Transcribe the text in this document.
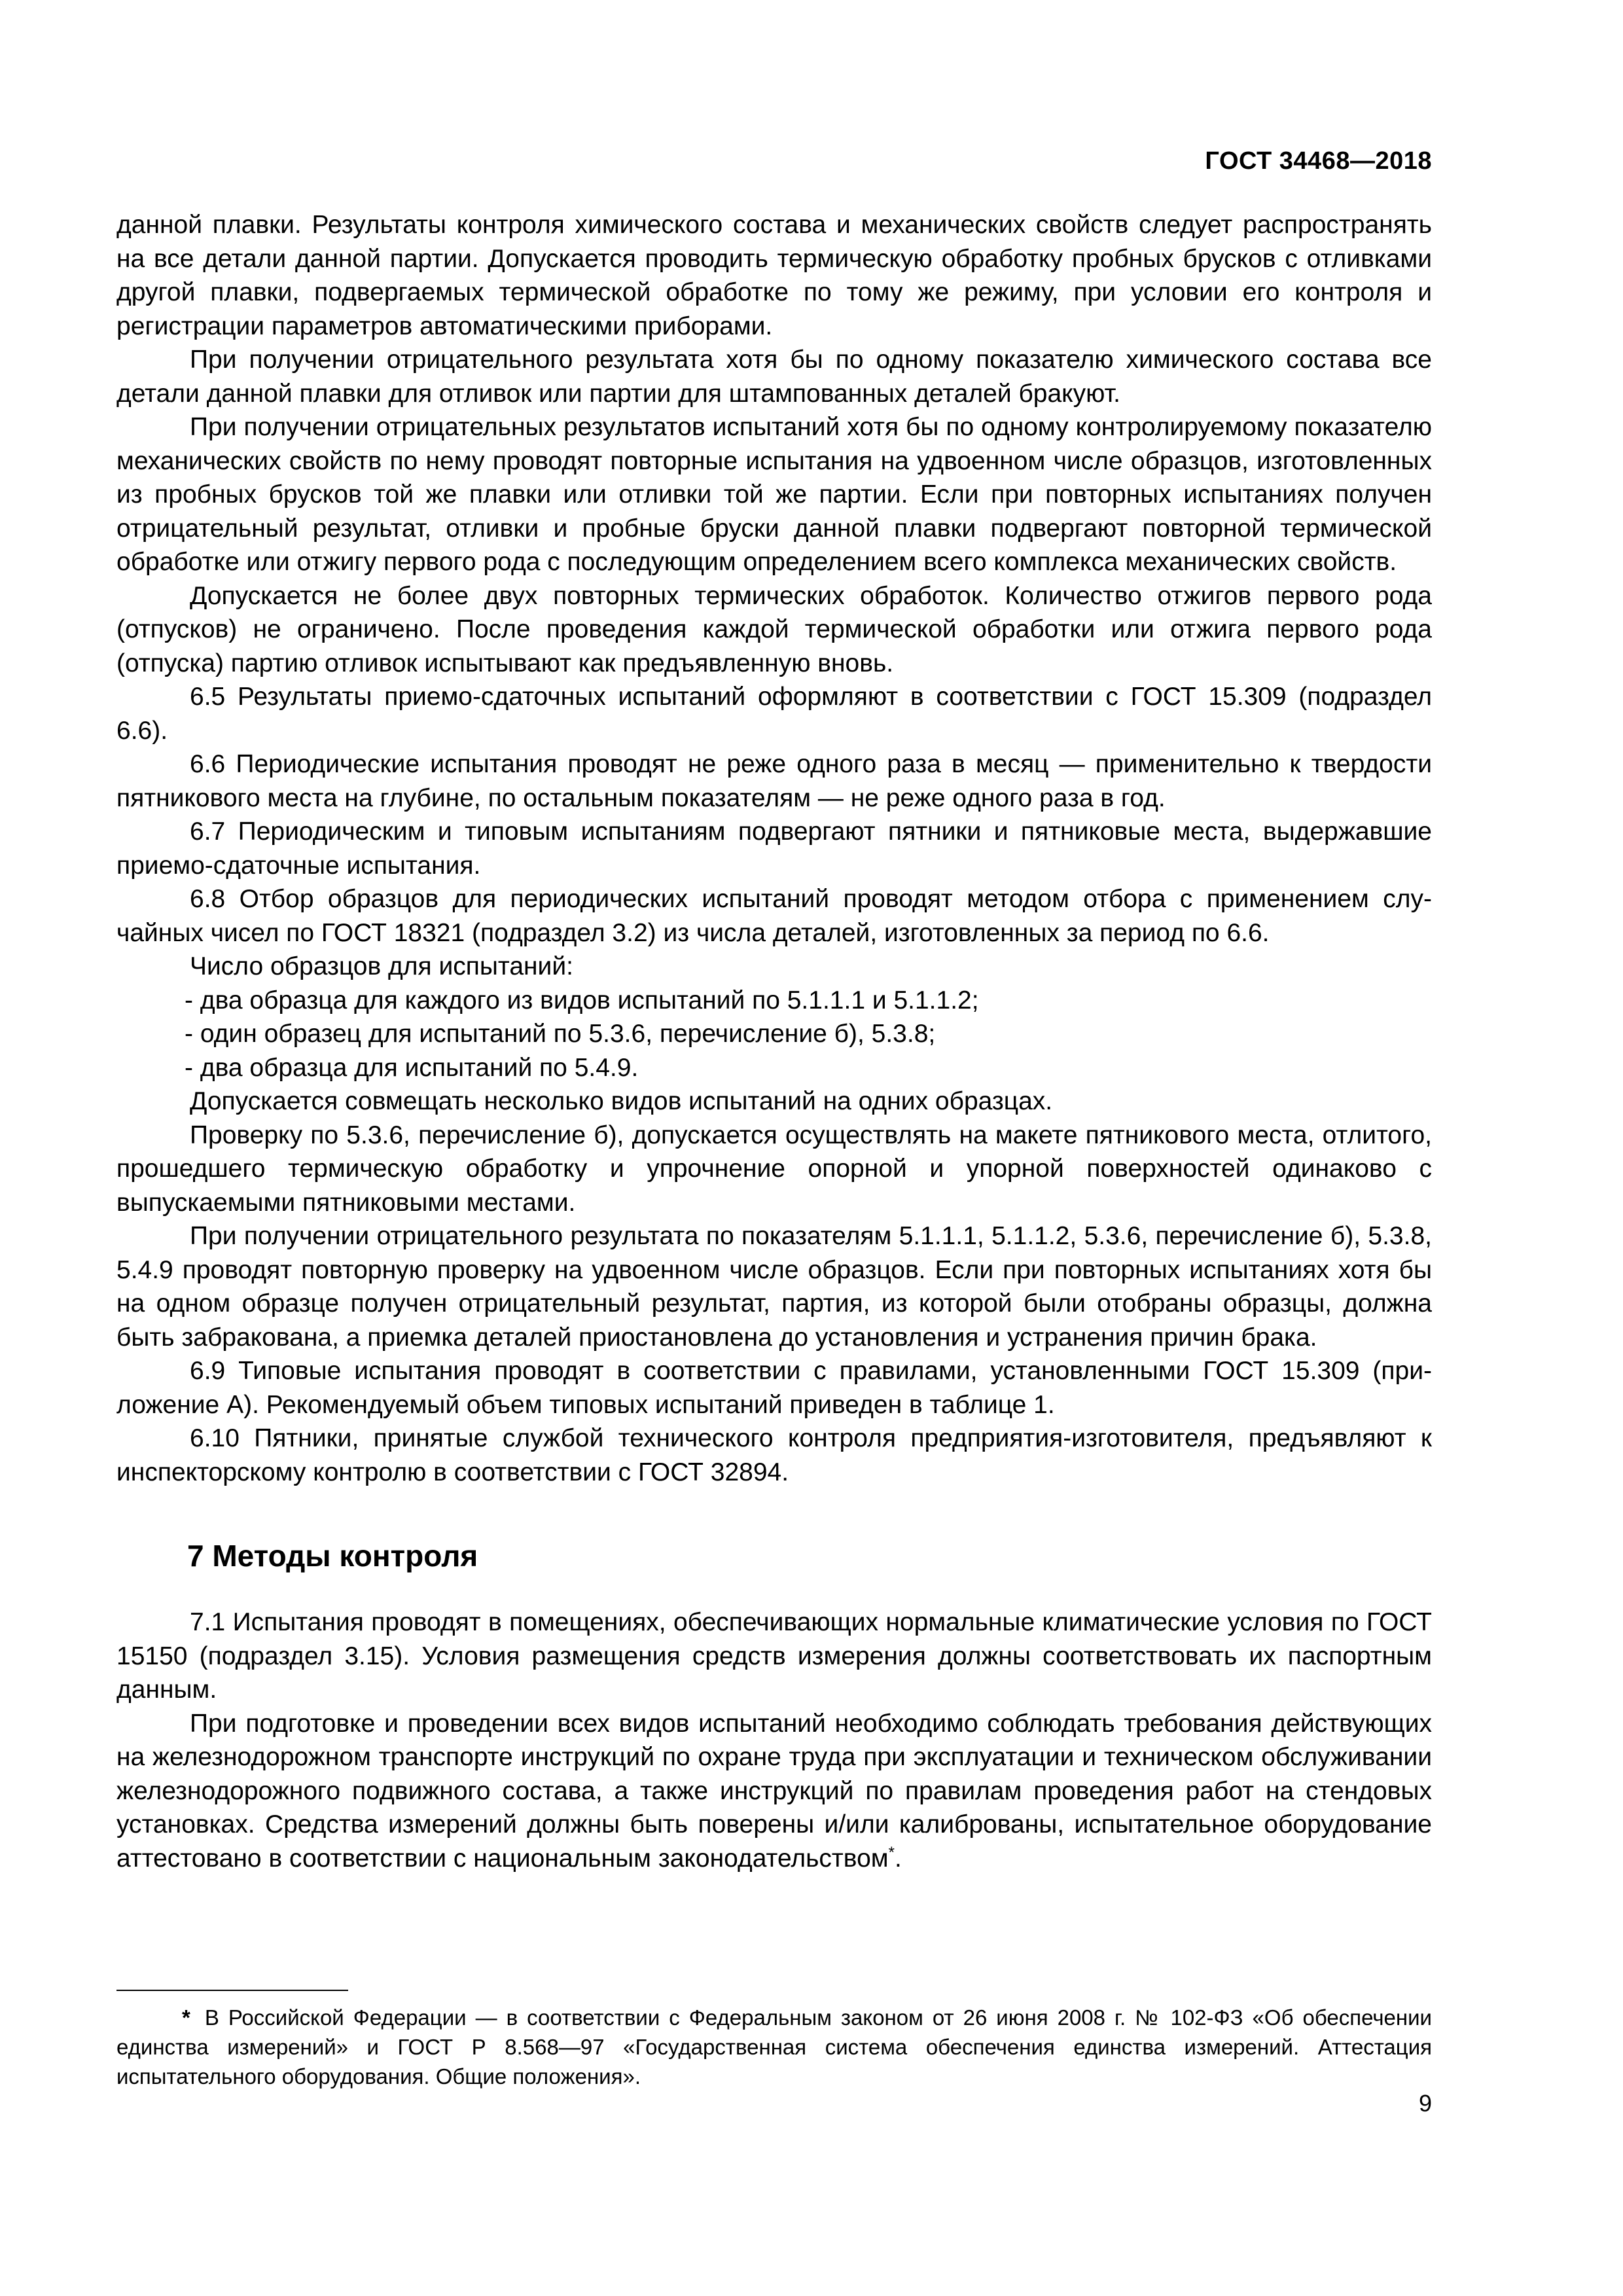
ГОСТ 34468—2018

данной плавки. Результаты контроля химического состава и механических свойств следует распространять на все детали данной партии. Допускается проводить термическую обработку пробных брусков с отливками другой плавки, подвергаемых термической обработке по тому же режиму, при условии его контроля и регистрации параметров автоматическими приборами.

При получении отрицательного результата хотя бы по одному показателю химического состава все детали данной плавки для отливок или партии для штампованных деталей бракуют.

При получении отрицательных результатов испытаний хотя бы по одному контролируемому показателю механических свойств по нему проводят повторные испытания на удвоенном числе образцов, изготовленных из пробных брусков той же плавки или отливки той же партии. Если при повторных испытаниях получен отрицательный результат, отливки и пробные бруски данной плавки подвергают повторной термической обработке или отжигу первого рода с последующим определением всего комплекса механических свойств.

Допускается не более двух повторных термических обработок. Количество отжигов первого рода (отпусков) не ограничено. После проведения каждой термической обработки или отжига первого рода (отпуска) партию отливок испытывают как предъявленную вновь.

6.5 Результаты приемо-сдаточных испытаний оформляют в соответствии с ГОСТ 15.309 (подраздел 6.6).

6.6 Периодические испытания проводят не реже одного раза в месяц — применительно к твердости пятникового места на глубине, по остальным показателям — не реже одного раза в год.

6.7 Периодическим и типовым испытаниям подвергают пятники и пятниковые места, выдержавшие приемо-сдаточные испытания.

6.8 Отбор образцов для периодических испытаний проводят методом отбора с применением случайных чисел по ГОСТ 18321 (подраздел 3.2) из числа деталей, изготовленных за период по 6.6.

Число образцов для испытаний:

- два образца для каждого из видов испытаний по 5.1.1.1 и 5.1.1.2;

- один образец для испытаний по 5.3.6, перечисление б), 5.3.8;

- два образца для испытаний по 5.4.9.

Допускается совмещать несколько видов испытаний на одних образцах.

Проверку по 5.3.6, перечисление б), допускается осуществлять на макете пятникового места, отлитого, прошедшего термическую обработку и упрочнение опорной и упорной поверхностей одинаково с выпускаемыми пятниковыми местами.

При получении отрицательного результата по показателям 5.1.1.1, 5.1.1.2, 5.3.6, перечисление б), 5.3.8, 5.4.9 проводят повторную проверку на удвоенном числе образцов. Если при повторных испытаниях хотя бы на одном образце получен отрицательный результат, партия, из которой были отобраны образцы, должна быть забракована, а приемка деталей приостановлена до установления и устранения причин брака.

6.9 Типовые испытания проводят в соответствии с правилами, установленными ГОСТ 15.309 (приложение А). Рекомендуемый объем типовых испытаний приведен в таблице 1.

6.10 Пятники, принятые службой технического контроля предприятия-изготовителя, предъявляют к инспекторскому контролю в соответствии с ГОСТ 32894.

7 Методы контроля

7.1 Испытания проводят в помещениях, обеспечивающих нормальные климатические условия по ГОСТ 15150 (подраздел 3.15). Условия размещения средств измерения должны соответствовать их паспортным данным.

При подготовке и проведении всех видов испытаний необходимо соблюдать требования действующих на железнодорожном транспорте инструкций по охране труда при эксплуатации и техническом обслуживании железнодорожного подвижного состава, а также инструкций по правилам проведения работ на стендовых установках. Средства измерений должны быть поверены и/или калиброваны, испытательное оборудование аттестовано в соответствии с национальным законодательством*.

* В Российской Федерации — в соответствии с Федеральным законом от 26 июня 2008 г. № 102-ФЗ «Об обеспечении единства измерений» и ГОСТ Р 8.568—97 «Государственная система обеспечения единства измерений. Аттестация испытательного оборудования. Общие положения».
9
